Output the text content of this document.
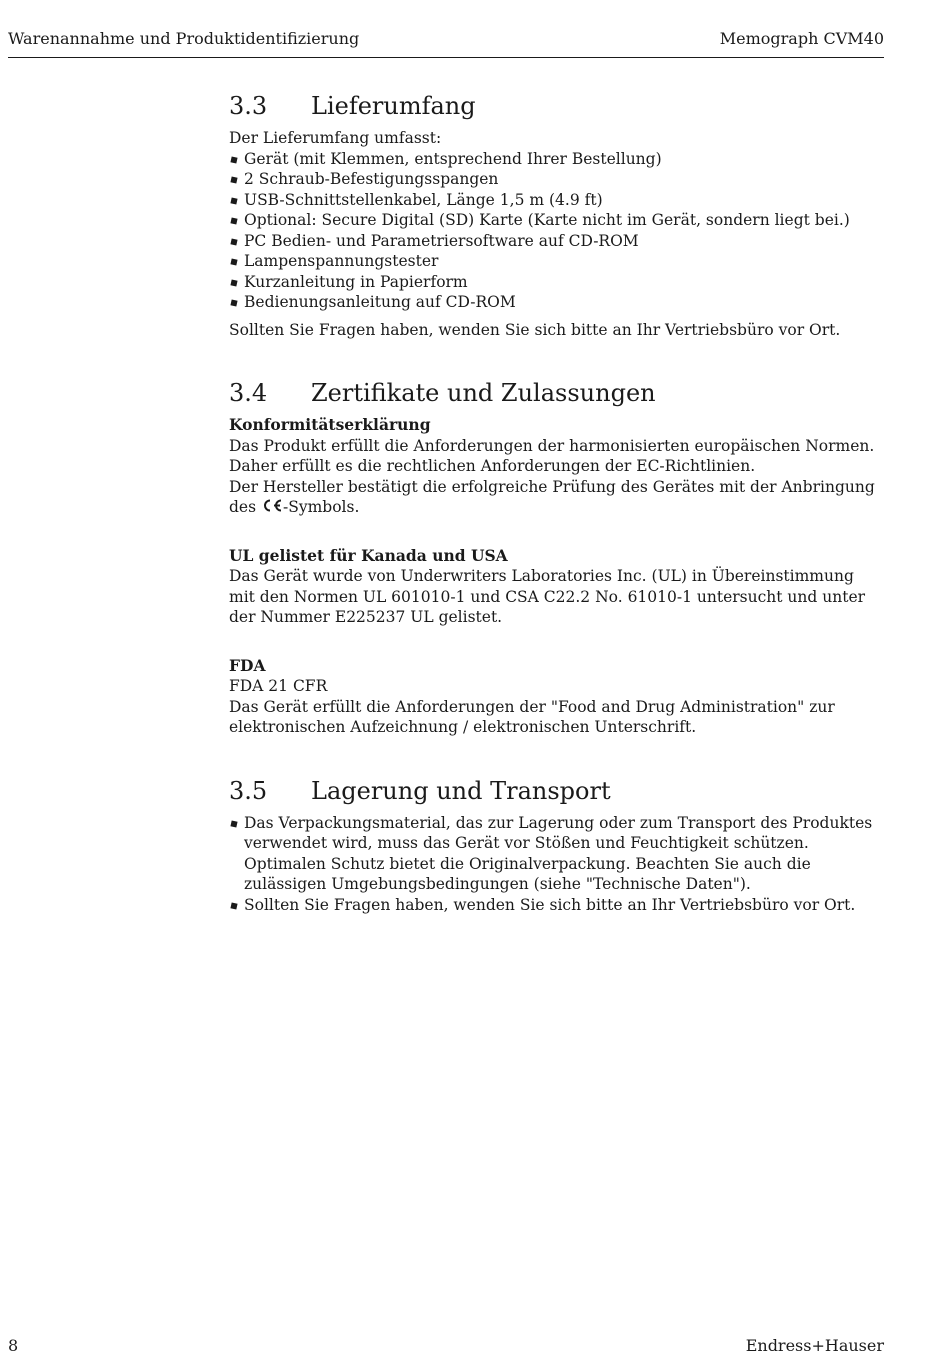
Warenannahme und Produktidentifizierung	Memograph CVM40
3.3	Lieferumfang

Der Lieferumfang umfasst:

Gerät (mit Klemmen, entsprechend Ihrer Bestellung)
2 Schraub-Befestigungsspangen
USB-Schnittstellenkabel, Länge 1,5 m (4.9 ft)
Optional: Secure Digital (SD) Karte (Karte nicht im Gerät, sondern liegt bei.)
PC Bedien- und Parametriersoftware auf CD-ROM
Lampenspannungstester
Kurzanleitung in Papierform
Bedienungsanleitung auf CD-ROM

Sollten Sie Fragen haben, wenden Sie sich bitte an Ihr Vertriebsbüro vor Ort.

3.4	Zertifikate und Zulassungen

Konformitätserklärung

Das Produkt erfüllt die Anforderungen der harmonisierten europäischen Normen. Daher erfüllt es die rechtlichen Anforderungen der EC-Richtlinien.

Der Hersteller bestätigt die erfolgreiche Prüfung des Gerätes mit der Anbringung des -Symbols.

UL gelistet für Kanada und USA

Das Gerät wurde von Underwriters Laboratories Inc. (UL) in Übereinstimmung mit den Normen UL 601010-1 und CSA C22.2 No. 61010-1 untersucht und unter der Nummer E225237 UL gelistet.

FDA

FDA 21 CFR

Das Gerät erfüllt die Anforderungen der "Food and Drug Administration" zur elektronischen Aufzeichnung / elektronischen Unterschrift.

3.5	Lagerung und Transport
Das Verpackungsmaterial, das zur Lagerung oder zum Transport des Produktes verwendet wird, muss das Gerät vor Stößen und Feuchtigkeit schützen. Optimalen Schutz bietet die Originalverpackung. Beachten Sie auch die zulässigen Umgebungsbedingungen (siehe "Technische Daten").
Sollten Sie Fragen haben, wenden Sie sich bitte an Ihr Vertriebsbüro vor Ort.
8	Endress+Hauser
